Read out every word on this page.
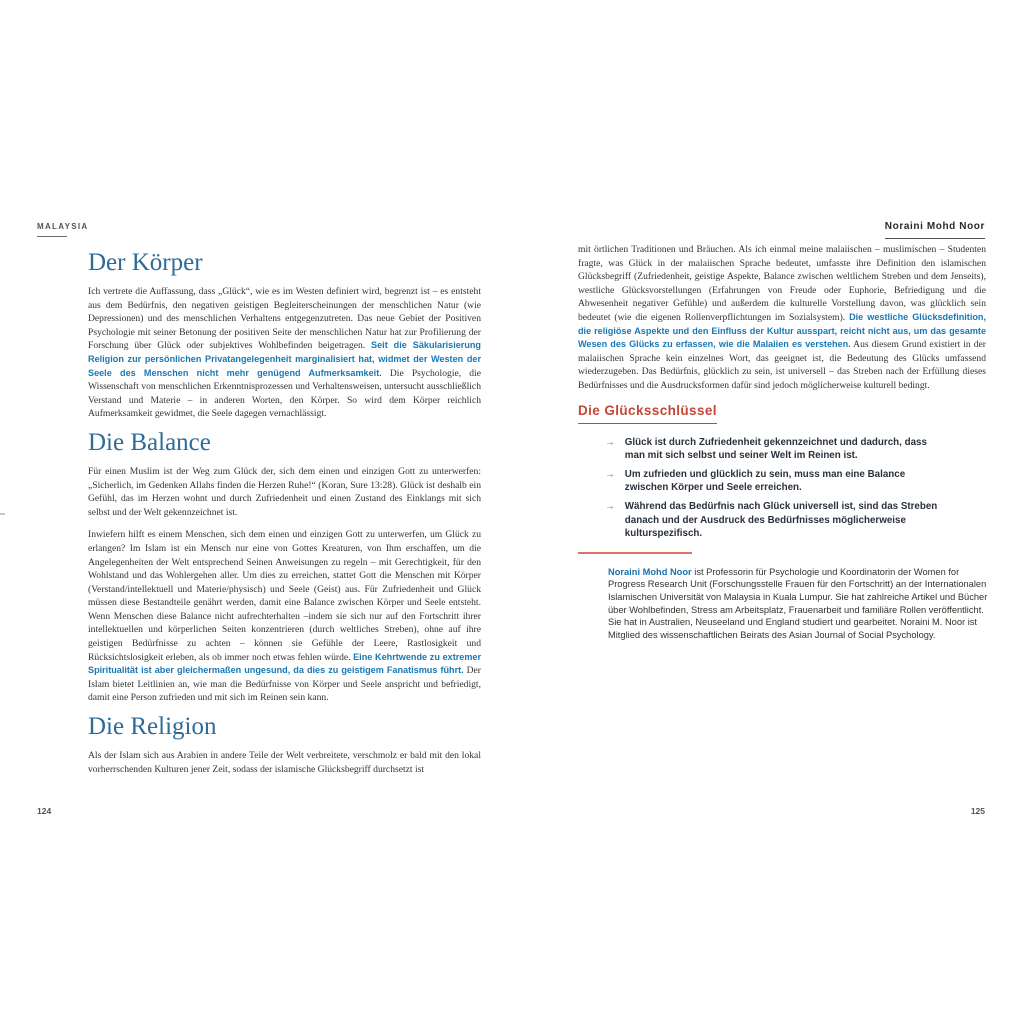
MALAYSIA	Noraini Mohd Noor
Der Körper

Ich vertrete die Auffassung, dass „Glück“, wie es im Westen definiert wird, begrenzt ist – es entsteht aus dem Bedürfnis, den negativen geistigen Begleiterscheinungen der menschlichen Natur (wie Depressionen) und des menschlichen Verhaltens entgegenzutreten. Das neue Gebiet der Positiven Psychologie mit seiner Betonung der positiven Seite der menschlichen Natur hat zur Profilierung der Forschung über Glück oder subjektives Wohlbefinden beigetragen. Seit die Säkularisierung Religion zur persönlichen Privatangelegenheit marginalisiert hat, widmet der Westen der Seele des Menschen nicht mehr genügend Aufmerksamkeit. Die Psychologie, die Wissenschaft von menschlichen Erkenntnisprozessen und Verhaltensweisen, untersucht ausschließlich Verstand und Materie – in anderen Worten, den Körper. So wird dem Körper reichlich Aufmerksamkeit gewidmet, die Seele dagegen vernachlässigt.

Die Balance

Für einen Muslim ist der Weg zum Glück der, sich dem einen und einzigen Gott zu unterwerfen: „Sicherlich, im Gedenken Allahs finden die Herzen Ruhe!“ (Koran, Sure 13:28). Glück ist deshalb ein Gefühl, das im Herzen wohnt und durch Zufriedenheit und einen Zustand des Einklangs mit sich selbst und der Welt gekennzeichnet ist.

Inwiefern hilft es einem Menschen, sich dem einen und einzigen Gott zu unterwerfen, um Glück zu erlangen? Im Islam ist ein Mensch nur eine von Gottes Kreaturen, von Ihm erschaffen, um die Angelegenheiten der Welt entsprechend Seinen Anweisungen zu regeln – mit Gerechtigkeit, für den Wohlstand und das Wohlergehen aller. Um dies zu erreichen, stattet Gott die Menschen mit Körper (Verstand/intellektuell und Materie/physisch) und Seele (Geist) aus. Für Zufriedenheit und Glück müssen diese Bestandteile genährt werden, damit eine Balance zwischen Körper und Seele entsteht. Wenn Menschen diese Balance nicht aufrechterhalten –indem sie sich nur auf den Fortschritt ihrer intellektuellen und körperlichen Seiten konzentrieren (durch weltliches Streben), ohne auf ihre geistigen Bedürfnisse zu achten – können sie Gefühle der Leere, Rastlosigkeit und Rücksichtslosigkeit erleben, als ob immer noch etwas fehlen würde. Eine Kehrtwende zu extremer Spiritualität ist aber gleichermaßen ungesund, da dies zu geistigem Fanatismus führt. Der Islam bietet Leitlinien an, wie man die Bedürfnisse von Körper und Seele anspricht und befriedigt, damit eine Person zufrieden und mit sich im Reinen sein kann.

Die Religion

Als der Islam sich aus Arabien in andere Teile der Welt verbreitete, verschmolz er bald mit den lokal vorherrschenden Kulturen jener Zeit, sodass der islamische Glücksbegriff durchsetzt ist

mit örtlichen Traditionen und Bräuchen. Als ich einmal meine malaiischen – muslimischen – Studenten fragte, was Glück in der malaiischen Sprache bedeutet, umfasste ihre Definition den islamischen Glücksbegriff (Zufriedenheit, geistige Aspekte, Balance zwischen weltlichem Streben und dem Jenseits), westliche Glücksvorstellungen (Erfahrungen von Freude oder Euphorie, Befriedigung und die Abwesenheit negativer Gefühle) und außerdem die kulturelle Vorstellung davon, was glücklich sein bedeutet (wie die eigenen Rollenverpflichtungen im Sozialsystem). Die westliche Glücksdefinition, die religiöse Aspekte und den Einfluss der Kultur ausspart, reicht nicht aus, um das gesamte Wesen des Glücks zu erfassen, wie die Malaiien es verstehen. Aus diesem Grund existiert in der malaiischen Sprache kein einzelnes Wort, das geeignet ist, die Bedeutung des Glücks umfassend wiederzugeben. Das Bedürfnis, glücklich zu sein, ist universell – das Streben nach der Erfüllung dieses Bedürfnisses und die Ausdrucksformen dafür sind jedoch möglicherweise kulturell bedingt.

Die Glücksschlüssel
→ Glück ist durch Zufriedenheit gekennzeichnet und dadurch, dass man mit sich selbst und seiner Welt im Reinen ist.
→ Um zufrieden und glücklich zu sein, muss man eine Balance zwischen Körper und Seele erreichen.
→ Während das Bedürfnis nach Glück universell ist, sind das Streben danach und der Ausdruck des Bedürfnisses möglicherweise kulturspezifisch.

Noraini Mohd Noor ist Professorin für Psychologie und Koordinatorin der Women for Progress Research Unit (Forschungsstelle Frauen für den Fortschritt) an der Internationalen Islamischen Universität von Malaysia in Kuala Lumpur. Sie hat zahlreiche Artikel und Bücher über Wohlbefinden, Stress am Arbeitsplatz, Frauenarbeit und familiäre Rollen veröffentlicht. Sie hat in Australien, Neuseeland und England studiert und gearbeitet. Noraini M. Noor ist Mitglied des wissenschaftlichen Beirats des Asian Journal of Social Psychology.

124	125
